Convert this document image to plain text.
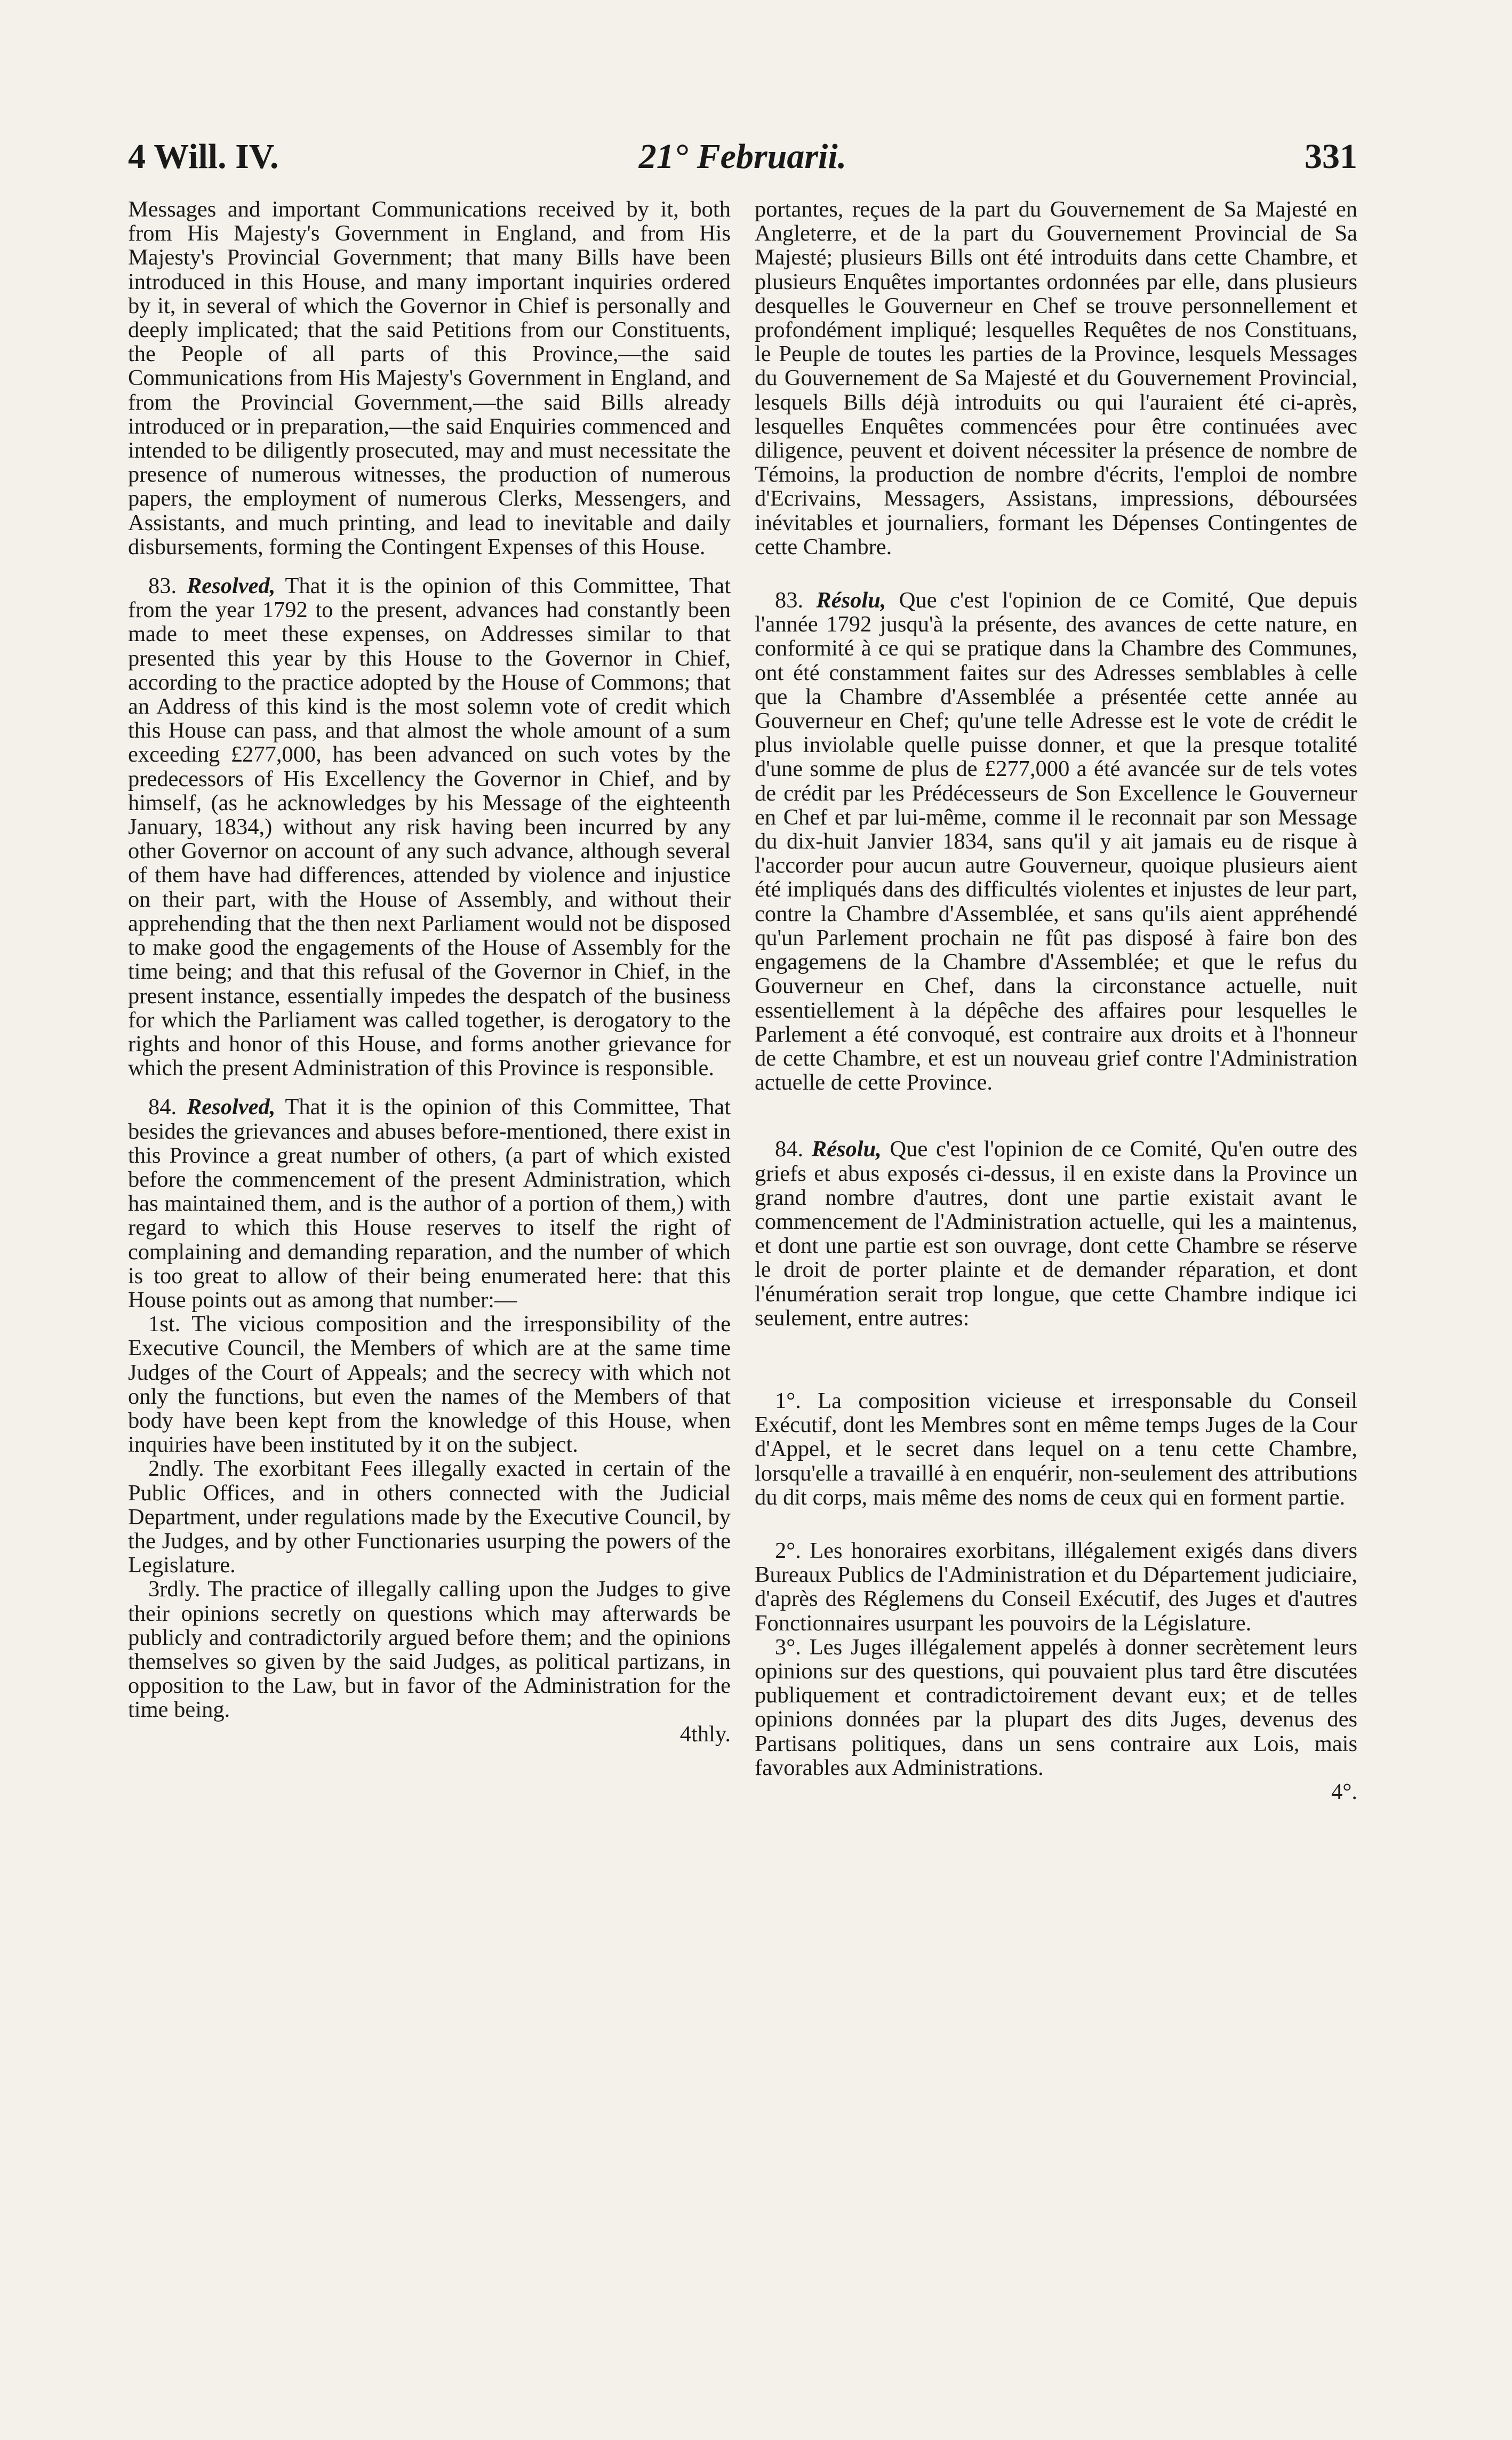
4 Will. IV.	21° Februarii.	331

Messages and important Communications received by it, both from His Majesty's Government in England, and from His Majesty's Provincial Government; that many Bills have been introduced in this House, and many important inquiries ordered by it, in several of which the Governor in Chief is personally and deeply implicated; that the said Petitions from our Constituents, the People of all parts of this Province,—the said Communications from His Majesty's Government in England, and from the Provincial Government,—the said Bills already introduced or in preparation,—the said Enquiries commenced and intended to be diligently prosecuted, may and must necessitate the presence of numerous witnesses, the production of numerous papers, the employment of numerous Clerks, Messengers, and Assistants, and much printing, and lead to inevitable and daily disbursements, forming the Contingent Expenses of this House.

83. Resolved, That it is the opinion of this Committee, That from the year 1792 to the present, advances had constantly been made to meet these expenses, on Addresses similar to that presented this year by this House to the Governor in Chief, according to the practice adopted by the House of Commons; that an Address of this kind is the most solemn vote of credit which this House can pass, and that almost the whole amount of a sum exceeding £277,000, has been advanced on such votes by the predecessors of His Excellency the Governor in Chief, and by himself, (as he acknowledges by his Message of the eighteenth January, 1834,) without any risk having been incurred by any other Governor on account of any such advance, although several of them have had differences, attended by violence and injustice on their part, with the House of Assembly, and without their apprehending that the then next Parliament would not be disposed to make good the engagements of the House of Assembly for the time being; and that this refusal of the Governor in Chief, in the present instance, essentially impedes the despatch of the business for which the Parliament was called together, is derogatory to the rights and honor of this House, and forms another grievance for which the present Administration of this Province is responsible.

84. Resolved, That it is the opinion of this Committee, That besides the grievances and abuses before-mentioned, there exist in this Province a great number of others, (a part of which existed before the commencement of the present Administration, which has maintained them, and is the author of a portion of them,) with regard to which this House reserves to itself the right of complaining and demanding reparation, and the number of which is too great to allow of their being enumerated here: that this House points out as among that number:—

1st. The vicious composition and the irresponsibility of the Executive Council, the Members of which are at the same time Judges of the Court of Appeals; and the secrecy with which not only the functions, but even the names of the Members of that body have been kept from the knowledge of this House, when inquiries have been instituted by it on the subject.

2ndly. The exorbitant Fees illegally exacted in certain of the Public Offices, and in others connected with the Judicial Department, under regulations made by the Executive Council, by the Judges, and by other Functionaries usurping the powers of the Legislature.

3rdly. The practice of illegally calling upon the Judges to give their opinions secretly on questions which may afterwards be publicly and contradictorily argued before them; and the opinions themselves so given by the said Judges, as political partizans, in opposition to the Law, but in favor of the Administration for the time being.

4thly.

portantes, reçues de la part du Gouvernement de Sa Majesté en Angleterre, et de la part du Gouvernement Provincial de Sa Majesté; plusieurs Bills ont été introduits dans cette Chambre, et plusieurs Enquêtes importantes ordonnées par elle, dans plusieurs desquelles le Gouverneur en Chef se trouve personnellement et profondément impliqué; lesquelles Requêtes de nos Constituans, le Peuple de toutes les parties de la Province, lesquels Messages du Gouvernement de Sa Majesté et du Gouvernement Provincial, lesquels Bills déjà introduits ou qui l'auraient été ci-après, lesquelles Enquêtes commencées pour être continuées avec diligence, peuvent et doivent nécessiter la présence de nombre de Témoins, la production de nombre d'écrits, l'emploi de nombre d'Ecrivains, Messagers, Assistans, impressions, déboursées inévitables et journaliers, formant les Dépenses Contingentes de cette Chambre.

83. Résolu, Que c'est l'opinion de ce Comité, Que depuis l'année 1792 jusqu'à la présente, des avances de cette nature, en conformité à ce qui se pratique dans la Chambre des Communes, ont été constamment faites sur des Adresses semblables à celle que la Chambre d'Assemblée a présentée cette année au Gouverneur en Chef; qu'une telle Adresse est le vote de crédit le plus inviolable quelle puisse donner, et que la presque totalité d'une somme de plus de £277,000 a été avancée sur de tels votes de crédit par les Prédécesseurs de Son Excellence le Gouverneur en Chef et par lui-même, comme il le reconnait par son Message du dix-huit Janvier 1834, sans qu'il y ait jamais eu de risque à l'accorder pour aucun autre Gouverneur, quoique plusieurs aient été impliqués dans des difficultés violentes et injustes de leur part, contre la Chambre d'Assemblée, et sans qu'ils aient appréhendé qu'un Parlement prochain ne fût pas disposé à faire bon des engagemens de la Chambre d'Assemblée; et que le refus du Gouverneur en Chef, dans la circonstance actuelle, nuit essentiellement à la dépêche des affaires pour lesquelles le Parlement a été convoqué, est contraire aux droits et à l'honneur de cette Chambre, et est un nouveau grief contre l'Administration actuelle de cette Province.

84. Résolu, Que c'est l'opinion de ce Comité, Qu'en outre des griefs et abus exposés ci-dessus, il en existe dans la Province un grand nombre d'autres, dont une partie existait avant le commencement de l'Administration actuelle, qui les a maintenus, et dont une partie est son ouvrage, dont cette Chambre se réserve le droit de porter plainte et de demander réparation, et dont l'énumération serait trop longue, que cette Chambre indique ici seulement, entre autres:

1°. La composition vicieuse et irresponsable du Conseil Exécutif, dont les Membres sont en même temps Juges de la Cour d'Appel, et le secret dans lequel on a tenu cette Chambre, lorsqu'elle a travaillé à en enquérir, non-seulement des attributions du dit corps, mais même des noms de ceux qui en forment partie.

2°. Les honoraires exorbitans, illégalement exigés dans divers Bureaux Publics de l'Administration et du Département judiciaire, d'après des Réglemens du Conseil Exécutif, des Juges et d'autres Fonctionnaires usurpant les pouvoirs de la Législature.

3°. Les Juges illégalement appelés à donner secrètement leurs opinions sur des questions, qui pouvaient plus tard être discutées publiquement et contradictoirement devant eux; et de telles opinions données par la plupart des dits Juges, devenus des Partisans politiques, dans un sens contraire aux Lois, mais favorables aux Administrations.

4°.
